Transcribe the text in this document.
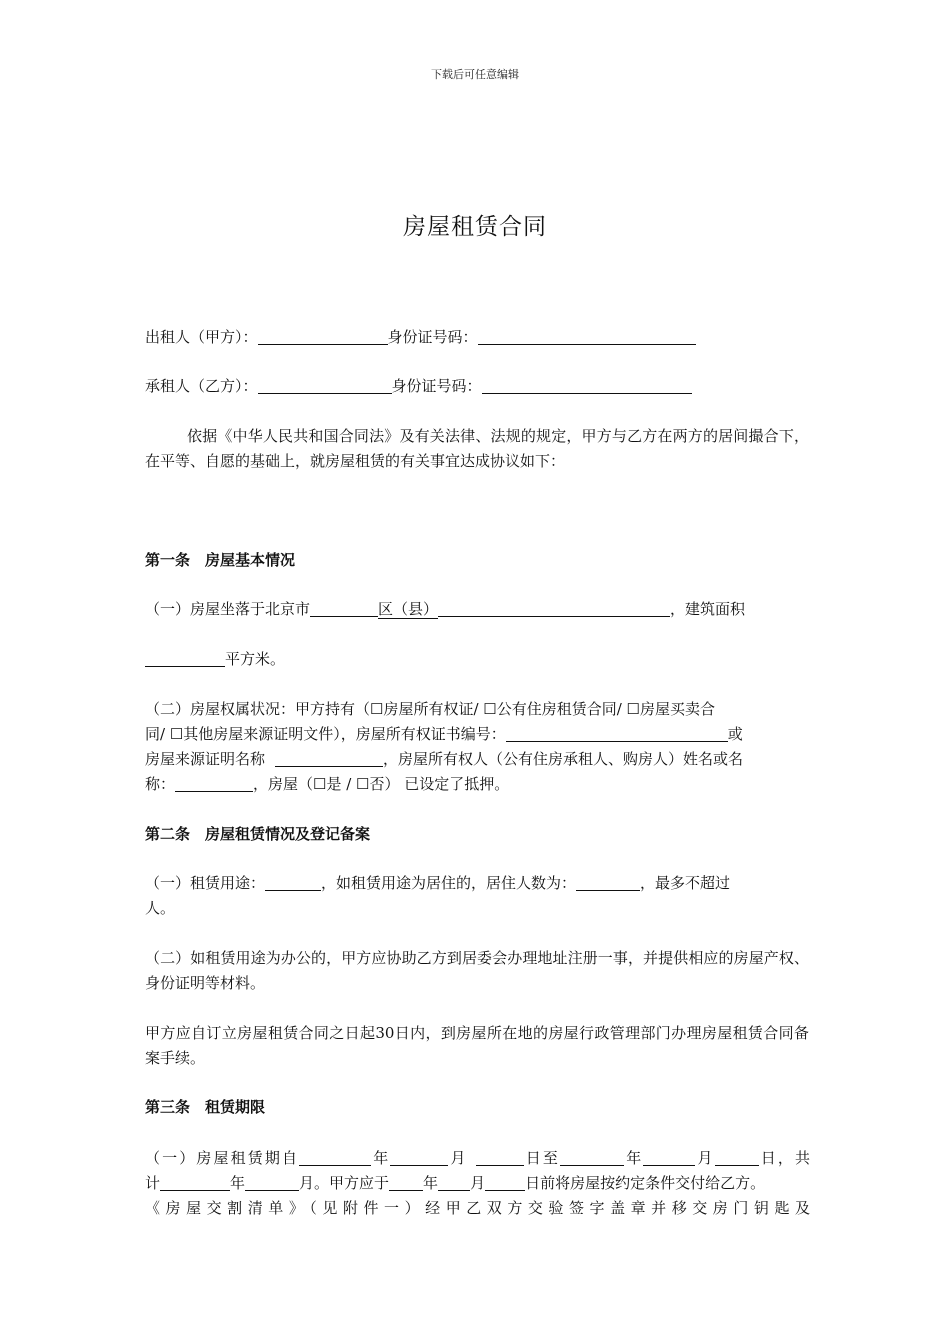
下载后可任意编辑
房屋租赁合同
出租人（甲方）：	身份证号码：
承租人（乙方）：	身份证号码：
依据《中华人民共和国合同法》及有关法律、法规的规定，甲方与乙方在两方的居间撮合下，在平等、自愿的基础上，就房屋租赁的有关事宜达成协议如下：
第一条　房屋基本情况
（一）房屋坐落于北京市	区（县）	，建筑面积
平方米。
（二）房屋权属状况：甲方持有（☐房屋所有权证/ ☐公有住房租赁合同/ ☐房屋买卖合
同/ ☐其他房屋来源证明文件），房屋所有权证书编号：	或
房屋来源证明名称	，房屋所有权人（公有住房承租人、购房人）姓名或名
称：	，房屋（☐是 / ☐否） 已设定了抵押。
第二条　房屋租赁情况及登记备案
（一）租赁用途：	，如租赁用途为居住的，居住人数为：	，最多不超过
人。
（二）如租赁用途为办公的，甲方应协助乙方到居委会办理地址注册一事，并提供相应的房屋产权、身份证明等材料。
甲方应自订立房屋租赁合同之日起30日内，到房屋所在地的房屋行政管理部门办理房屋租赁合同备案手续。
第三条　租赁期限
（一）房屋租赁期自	年	月	日至	年	月	日，共
计	年	月。甲方应于 年 月	日前将房屋按约定条件交付给乙方。
《房屋交割清单》（见附件一）经甲乙双方交验签字盖章并移交房门钥匙及
